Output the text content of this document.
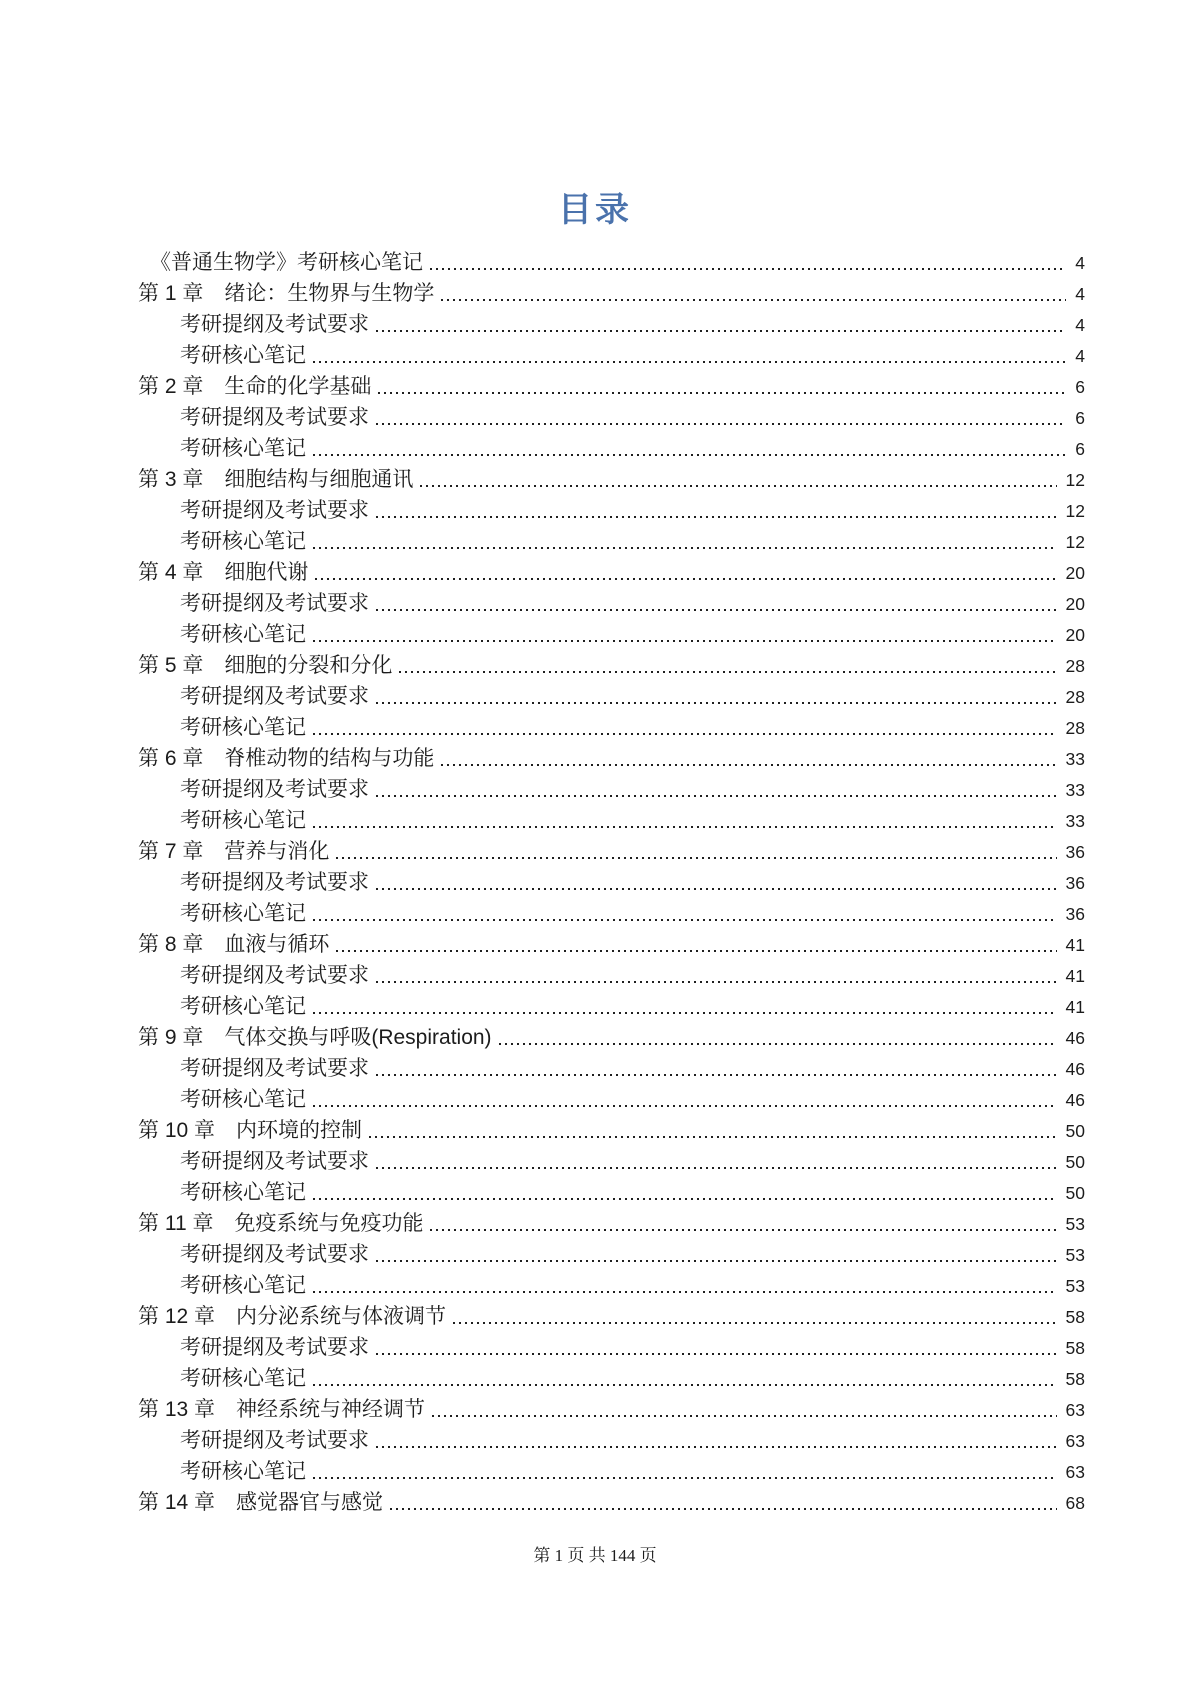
目录
《普通生物学》考研核心笔记	4
第 1 章　绪论：生物界与生物学	4
考研提纲及考试要求	4
考研核心笔记	4
第 2 章　生命的化学基础	6
考研提纲及考试要求	6
考研核心笔记	6
第 3 章　细胞结构与细胞通讯	12
考研提纲及考试要求	12
考研核心笔记	12
第 4 章　细胞代谢	20
考研提纲及考试要求	20
考研核心笔记	20
第 5 章　细胞的分裂和分化	28
考研提纲及考试要求	28
考研核心笔记	28
第 6 章　脊椎动物的结构与功能	33
考研提纲及考试要求	33
考研核心笔记	33
第 7 章　营养与消化	36
考研提纲及考试要求	36
考研核心笔记	36
第 8 章　血液与循环	41
考研提纲及考试要求	41
考研核心笔记	41
第 9 章　气体交换与呼吸(Respiration)	46
考研提纲及考试要求	46
考研核心笔记	46
第 10 章　内环境的控制	50
考研提纲及考试要求	50
考研核心笔记	50
第 11 章　免疫系统与免疫功能	53
考研提纲及考试要求	53
考研核心笔记	53
第 12 章　内分泌系统与体液调节	58
考研提纲及考试要求	58
考研核心笔记	58
第 13 章　神经系统与神经调节	63
考研提纲及考试要求	63
考研核心笔记	63
第 14 章　感觉器官与感觉	68
第 1 页 共 144 页
